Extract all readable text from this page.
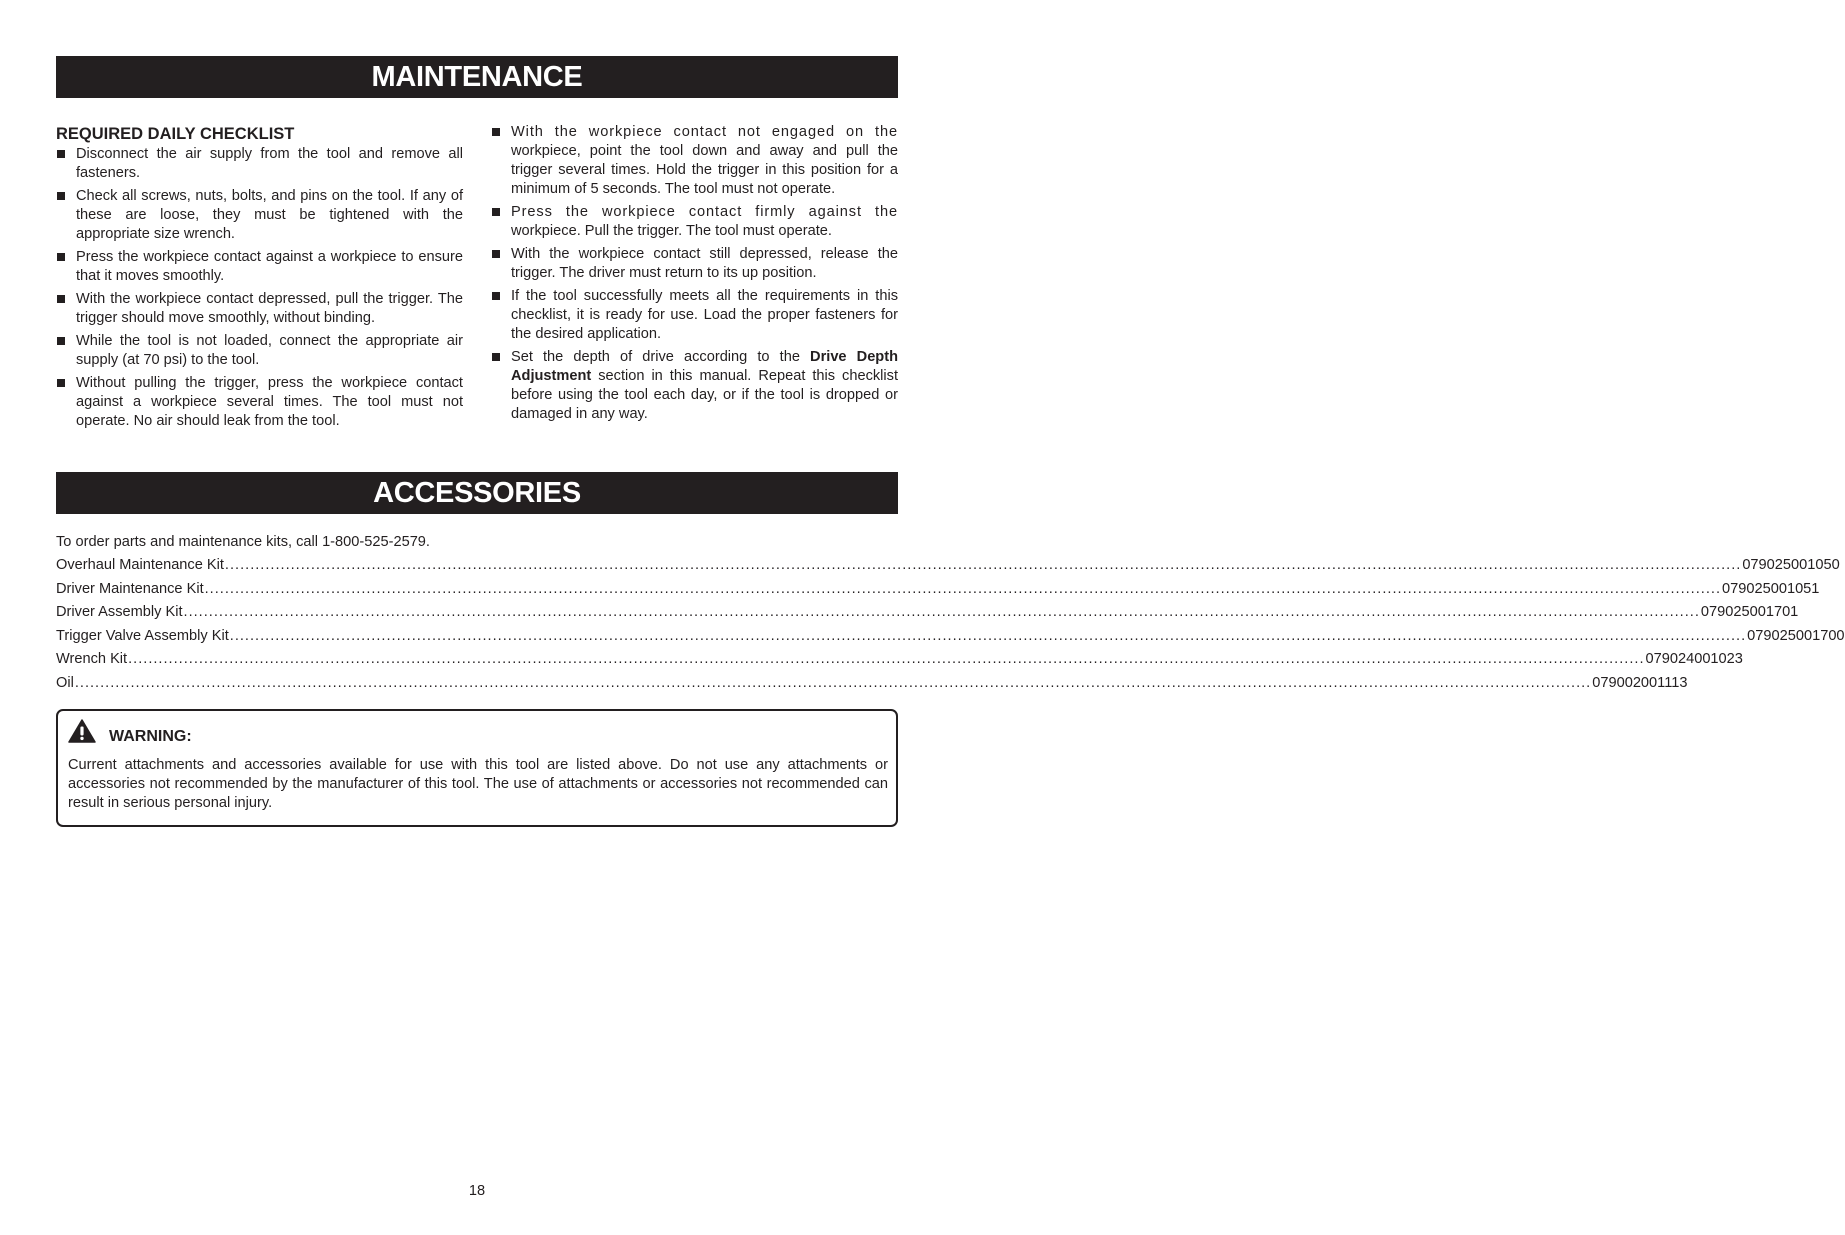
MAINTENANCE
REQUIRED DAILY CHECKLIST
Disconnect the air supply from the tool and remove all fasteners.
Check all screws, nuts, bolts, and pins on the tool. If any of these are loose, they must be tightened with the appropriate size wrench.
Press the workpiece contact against a workpiece to ensure that it moves smoothly.
With the workpiece contact depressed, pull the trigger. The trigger should move smoothly, without binding.
While the tool is not loaded, connect the appropriate air supply (at 70 psi) to the tool.
Without pulling the trigger, press the workpiece contact against a workpiece several times. The tool must not operate. No air should leak from the tool.
With the workpiece contact not engaged on the workpiece, point the tool down and away and pull the trigger several times. Hold the trigger in this position for a minimum of 5 seconds. The tool must not operate.
Press the workpiece contact firmly against the workpiece. Pull the trigger. The tool must operate.
With the workpiece contact still depressed, release the trigger. The driver must return to its up position.
If the tool successfully meets all the requirements in this checklist, it is ready for use. Load the proper fasteners for the desired application.
Set the depth of drive according to the Drive Depth Adjustment section in this manual. Repeat this checklist before using the tool each day, or if the tool is dropped or damaged in any way.
ACCESSORIES
To order parts and maintenance kits, call 1-800-525-2579.
Overhaul Maintenance Kit ............................................................................................................................................................................................................................................................................................................ 079025001050
Driver Maintenance Kit ............................................................................................................................................................................................................................................................................................................ 079025001051
Driver Assembly Kit ............................................................................................................................................................................................................................................................................................................ 079025001701
Trigger Valve Assembly Kit ............................................................................................................................................................................................................................................................................................................ 079025001700
Wrench Kit ............................................................................................................................................................................................................................................................................................................ 079024001023
Oil ............................................................................................................................................................................................................................................................................................................ 079002001113
WARNING:
Current attachments and accessories available for use with this tool are listed above. Do not use any attachments or accessories not recommended by the manufacturer of this tool. The use of attachments or accessories not recommended can result in serious personal injury.
18
